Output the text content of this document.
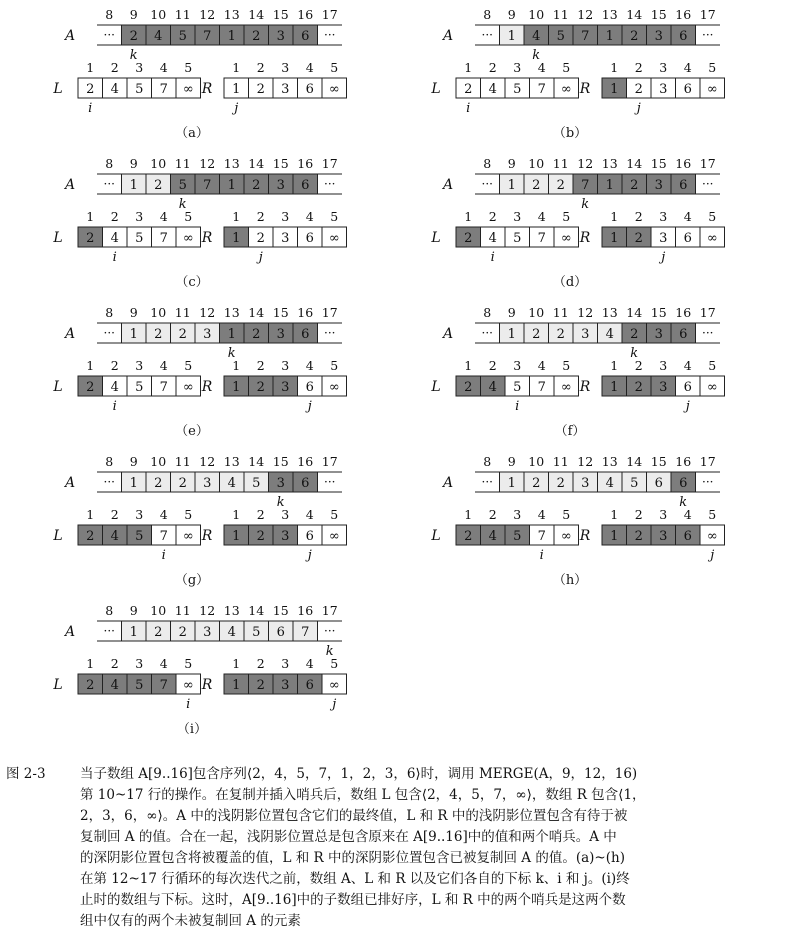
A
8 9 10 11 12 13 14 15 16 17
···	···
2 4 5 7 1 2 3 6
k
L
1 2 3 4 5
2 4 5 7 ∞
i
R
1 2 3 4 5
1 2 3 6 ∞
j
（a）
A
8 9 10 11 12 13 14 15 16 17
···	···
1 4 5 7 1 2 3 6
k
L
1 2 3 4 5
2 4 5 7 ∞
i
R
1 2 3 4 5
1 2 3 6 ∞
j
（b）
A
8 9 10 11 12 13 14 15 16 17
···	···
1 2 5 7 1 2 3 6
k
L
1 2 3 4 5
2 4 5 7 ∞
i
R
1 2 3 4 5
1 2 3 6 ∞
j
（c）
A
8 9 10 11 12 13 14 15 16 17
···	···
1 2 2 7 1 2 3 6
k
L
1 2 3 4 5
2 4 5 7 ∞
i
R
1 2 3 4 5
1 2 3 6 ∞
j
（d）
A
8 9 10 11 12 13 14 15 16 17
···	···
1 2 2 3 1 2 3 6
k
L
1 2 3 4 5
2 4 5 7 ∞
i
R
1 2 3 4 5
1 2 3 6 ∞
j
（e）
A
8 9 10 11 12 13 14 15 16 17
···	···
1 2 2 3 4 2 3 6
k
L
1 2 3 4 5
2 4 5 7 ∞
i
R
1 2 3 4 5
1 2 3 6 ∞
j
（f）
A
8 9 10 11 12 13 14 15 16 17
···	···
1 2 2 3 4 5 3 6
k
L
1 2 3 4 5
2 4 5 7 ∞
i
R
1 2 3 4 5
1 2 3 6 ∞
j
（g）
A
8 9 10 11 12 13 14 15 16 17
···	···
1 2 2 3 4 5 6 6
k
L
1 2 3 4 5
2 4 5 7 ∞
i
R
1 2 3 4 5
1 2 3 6 ∞
j
（h）
A
8 9 10 11 12 13 14 15 16 17
···	···
1 2 2 3 4 5 6 7
k
L
1 2 3 4 5
2 4 5 7 ∞
i
R
1 2 3 4 5
1 2 3 6 ∞
j
（i）
图 2-3	当子数组 A[9..16]包含序列⟨2，4，5，7，1，2，3，6⟩时，调用 MERGE(A，9，12，16)
第 10~17 行的操作。在复制并插入哨兵后，数组 L 包含⟨2，4，5，7，∞⟩，数组 R 包含⟨1，
2，3，6，∞⟩。A 中的浅阴影位置包含它们的最终值，L 和 R 中的浅阴影位置包含有待于被
复制回 A 的值。合在一起，浅阴影位置总是包含原来在 A[9..16]中的值和两个哨兵。A 中
的深阴影位置包含将被覆盖的值，L 和 R 中的深阴影位置包含已被复制回 A 的值。(a)~(h)
在第 12~17 行循环的每次迭代之前，数组 A、L 和 R 以及它们各自的下标 k、i 和 j。(i)终
止时的数组与下标。这时，A[9..16]中的子数组已排好序，L 和 R 中的两个哨兵是这两个数
组中仅有的两个未被复制回 A 的元素
